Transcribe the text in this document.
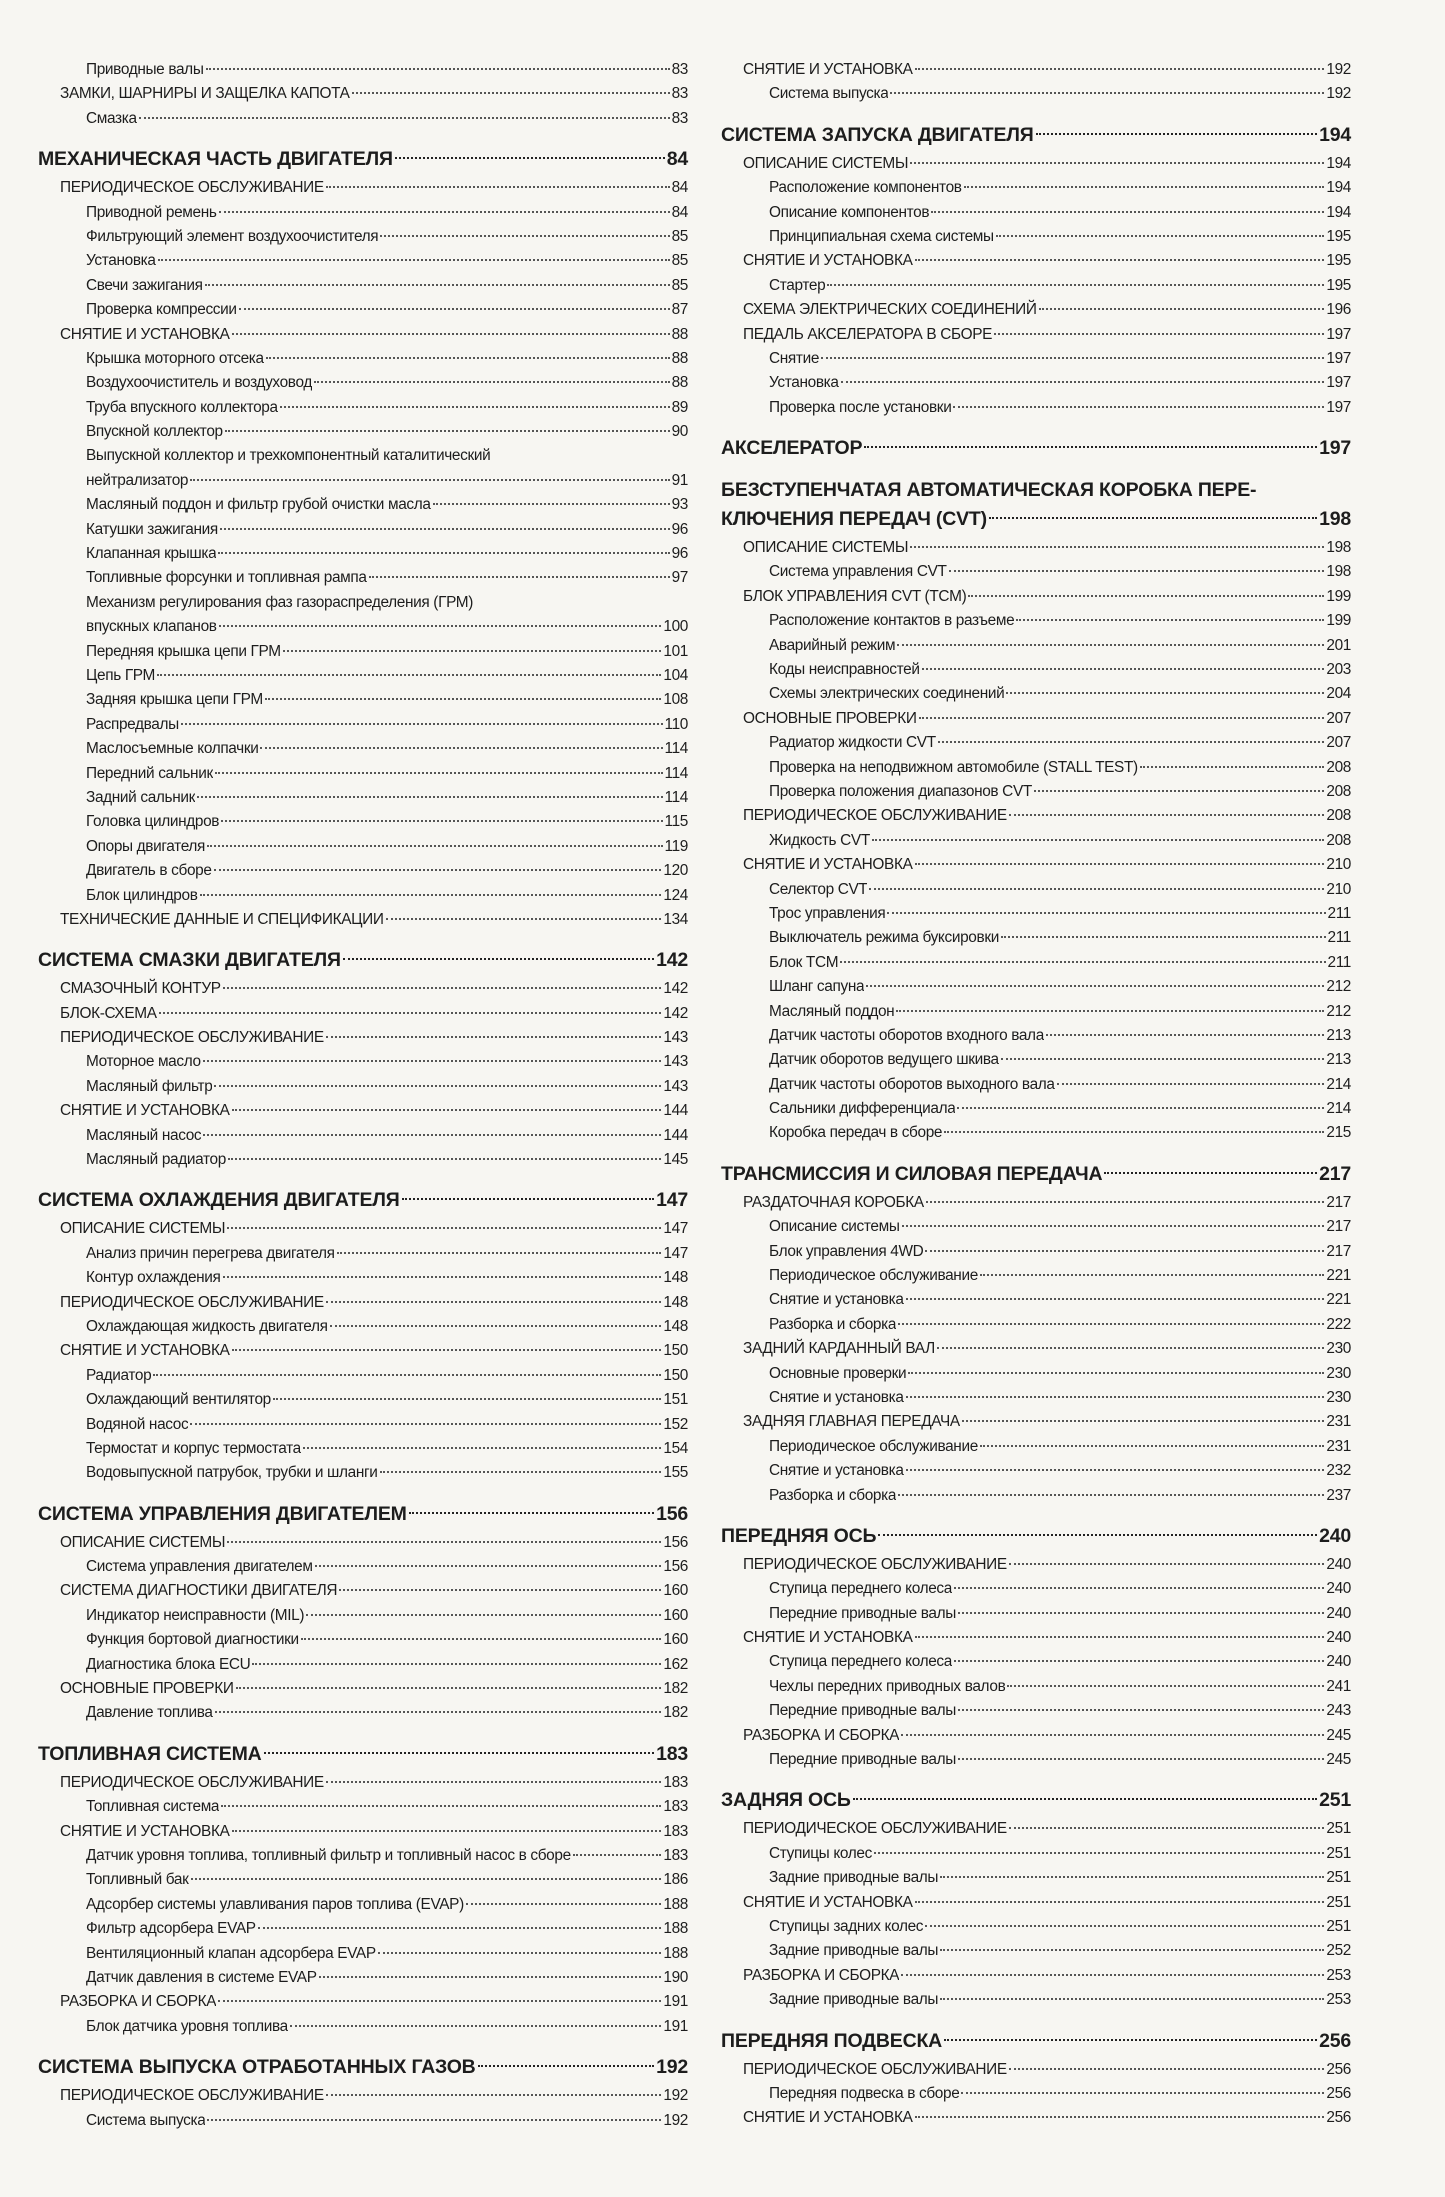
Приводные валы	83
ЗАМКИ, ШАРНИРЫ И ЗАЩЕЛКА КАПОТА	83
Смазка	83
МЕХАНИЧЕСКАЯ ЧАСТЬ ДВИГАТЕЛЯ	84
ПЕРИОДИЧЕСКОЕ ОБСЛУЖИВАНИЕ	84
Приводной ремень	84
Фильтрующий элемент воздухоочистителя	85
Установка	85
Свечи зажигания	85
Проверка компрессии	87
СНЯТИЕ И УСТАНОВКА	88
Крышка моторного отсека	88
Воздухоочиститель и воздуховод	88
Труба впускного коллектора	89
Впускной коллектор	90
Выпускной коллектор и трехкомпонентный каталитический
нейтрализатор	91
Масляный поддон и фильтр грубой очистки масла	93
Катушки зажигания	96
Клапанная крышка	96
Топливные форсунки и топливная рампа	97
Механизм регулирования фаз газораспределения (ГРМ)
впускных клапанов	100
Передняя крышка цепи ГРМ	101
Цепь ГРМ	104
Задняя крышка цепи ГРМ	108
Распредвалы	110
Маслосъемные колпачки	114
Передний сальник	114
Задний сальник	114
Головка цилиндров	115
Опоры двигателя	119
Двигатель в сборе	120
Блок цилиндров	124
ТЕХНИЧЕСКИЕ ДАННЫЕ И СПЕЦИФИКАЦИИ	134
СИСТЕМА СМАЗКИ ДВИГАТЕЛЯ	142
СМАЗОЧНЫЙ КОНТУР	142
БЛОК-СХЕМА	142
ПЕРИОДИЧЕСКОЕ ОБСЛУЖИВАНИЕ	143
Моторное масло	143
Масляный фильтр	143
СНЯТИЕ И УСТАНОВКА	144
Масляный насос	144
Масляный радиатор	145
СИСТЕМА ОХЛАЖДЕНИЯ ДВИГАТЕЛЯ	147
ОПИСАНИЕ СИСТЕМЫ	147
Анализ причин перегрева двигателя	147
Контур охлаждения	148
ПЕРИОДИЧЕСКОЕ ОБСЛУЖИВАНИЕ	148
Охлаждающая жидкость двигателя	148
СНЯТИЕ И УСТАНОВКА	150
Радиатор	150
Охлаждающий вентилятор	151
Водяной насос	152
Термостат и корпус термостата	154
Водовыпускной патрубок, трубки и шланги	155
СИСТЕМА УПРАВЛЕНИЯ ДВИГАТЕЛЕМ	156
ОПИСАНИЕ СИСТЕМЫ	156
Система управления двигателем	156
СИСТЕМА ДИАГНОСТИКИ ДВИГАТЕЛЯ	160
Индикатор неисправности (MIL)	160
Функция бортовой диагностики	160
Диагностика блока ECU	162
ОСНОВНЫЕ ПРОВЕРКИ	182
Давление топлива	182
ТОПЛИВНАЯ СИСТЕМА	183
ПЕРИОДИЧЕСКОЕ ОБСЛУЖИВАНИЕ	183
Топливная система	183
СНЯТИЕ И УСТАНОВКА	183
Датчик уровня топлива, топливный фильтр и топливный насос в сборе	183
Топливный бак	186
Адсорбер системы улавливания паров топлива (EVAP)	188
Фильтр адсорбера EVAP	188
Вентиляционный клапан адсорбера EVAP	188
Датчик давления в системе EVAP	190
РАЗБОРКА И СБОРКА	191
Блок датчика уровня топлива	191
СИСТЕМА ВЫПУСКА ОТРАБОТАННЫХ ГАЗОВ	192
ПЕРИОДИЧЕСКОЕ ОБСЛУЖИВАНИЕ	192
Система выпуска	192
СНЯТИЕ И УСТАНОВКА	192
Система выпуска	192
СИСТЕМА ЗАПУСКА ДВИГАТЕЛЯ	194
ОПИСАНИЕ СИСТЕМЫ	194
Расположение компонентов	194
Описание компонентов	194
Принципиальная схема системы	195
СНЯТИЕ И УСТАНОВКА	195
Стартер	195
СХЕМА ЭЛЕКТРИЧЕСКИХ СОЕДИНЕНИЙ	196
ПЕДАЛЬ АКСЕЛЕРАТОРА В СБОРЕ	197
Снятие	197
Установка	197
Проверка после установки	197
АКСЕЛЕРАТОР	197
БЕЗСТУПЕНЧАТАЯ АВТОМАТИЧЕСКАЯ КОРОБКА ПЕРЕ-
КЛЮЧЕНИЯ ПЕРЕДАЧ (CVT)	198
ОПИСАНИЕ СИСТЕМЫ	198
Система управления CVT	198
БЛОК УПРАВЛЕНИЯ CVT (TCM)	199
Расположение контактов в разъеме	199
Аварийный режим	201
Коды неисправностей	203
Схемы электрических соединений	204
ОСНОВНЫЕ ПРОВЕРКИ	207
Радиатор жидкости CVT	207
Проверка на неподвижном автомобиле (STALL TEST)	208
Проверка положения диапазонов CVT	208
ПЕРИОДИЧЕСКОЕ ОБСЛУЖИВАНИЕ	208
Жидкость CVT	208
СНЯТИЕ И УСТАНОВКА	210
Селектор CVT	210
Трос управления	211
Выключатель режима буксировки	211
Блок TCM	211
Шланг сапуна	212
Масляный поддон	212
Датчик частоты оборотов входного вала	213
Датчик оборотов ведущего шкива	213
Датчик частоты оборотов выходного вала	214
Сальники дифференциала	214
Коробка передач в сборе	215
ТРАНСМИССИЯ И СИЛОВАЯ ПЕРЕДАЧА	217
РАЗДАТОЧНАЯ КОРОБКА	217
Описание системы	217
Блок управления 4WD	217
Периодическое обслуживание	221
Снятие и установка	221
Разборка и сборка	222
ЗАДНИЙ КАРДАННЫЙ ВАЛ	230
Основные проверки	230
Снятие и установка	230
ЗАДНЯЯ ГЛАВНАЯ ПЕРЕДАЧА	231
Периодическое обслуживание	231
Снятие и установка	232
Разборка и сборка	237
ПЕРЕДНЯЯ ОСЬ	240
ПЕРИОДИЧЕСКОЕ ОБСЛУЖИВАНИЕ	240
Ступица переднего колеса	240
Передние приводные валы	240
СНЯТИЕ И УСТАНОВКА	240
Ступица переднего колеса	240
Чехлы передних приводных валов	241
Передние приводные валы	243
РАЗБОРКА И СБОРКА	245
Передние приводные валы	245
ЗАДНЯЯ ОСЬ	251
ПЕРИОДИЧЕСКОЕ ОБСЛУЖИВАНИЕ	251
Ступицы колес	251
Задние приводные валы	251
СНЯТИЕ И УСТАНОВКА	251
Ступицы задних колес	251
Задние приводные валы	252
РАЗБОРКА И СБОРКА	253
Задние приводные валы	253
ПЕРЕДНЯЯ ПОДВЕСКА	256
ПЕРИОДИЧЕСКОЕ ОБСЛУЖИВАНИЕ	256
Передняя подвеска в сборе	256
СНЯТИЕ И УСТАНОВКА	256
